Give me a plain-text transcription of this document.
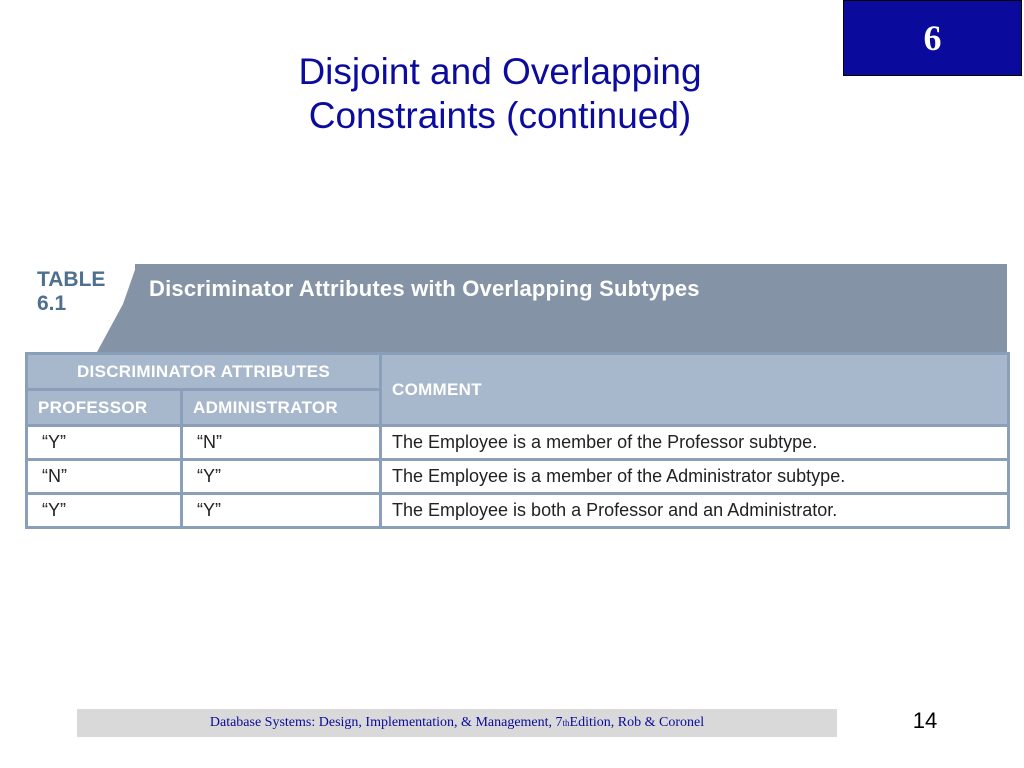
6
Disjoint and Overlapping
Constraints (continued)
TABLE
6.1
Discriminator Attributes with Overlapping Subtypes
DISCRIMINATOR ATTRIBUTES		COMMENT
PROFESSOR	ADMINISTRATOR	
“Y”	“N”	The Employee is a member of the Professor subtype.
“N”	“Y”	The Employee is a member of the Administrator subtype.
“Y”	“Y”	The Employee is both a Professor and an Administrator.
Database Systems: Design, Implementation, & Management, 7 th Edition, Rob & Coronel	14
